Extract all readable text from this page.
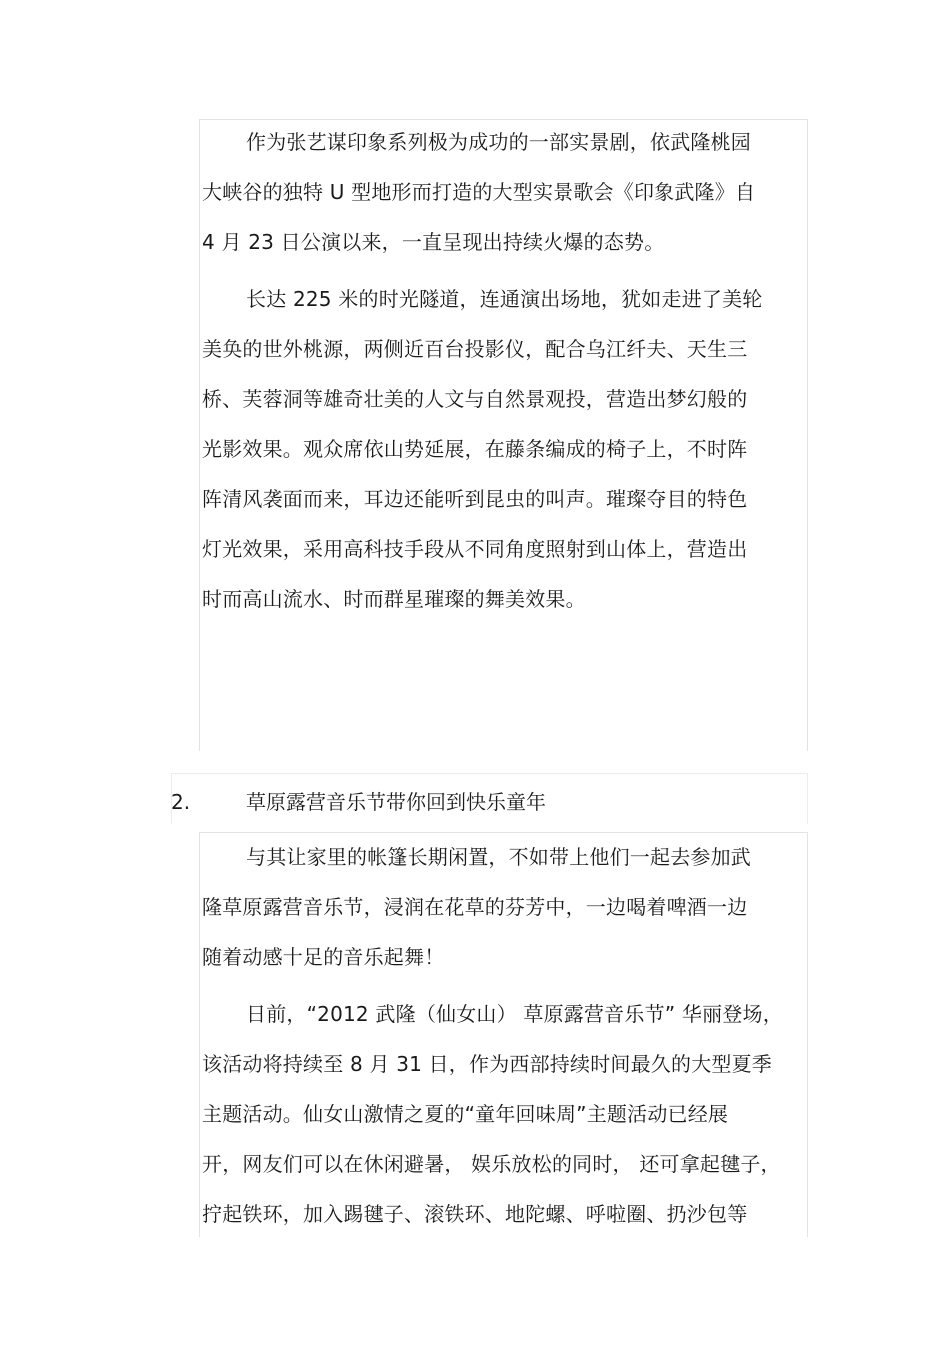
作为张艺谋印象系列极为成功的一部实景剧，依武隆桃园
大峡谷的独特 U 型地形而打造的大型实景歌会《印象武隆》自
4 月 23 日公演以来，一直呈现出持续火爆的态势。
长达 225 米的时光隧道，连通演出场地，犹如走进了美轮
美奂的世外桃源，两侧近百台投影仪，配合乌江纤夫、天生三
桥、芙蓉洞等雄奇壮美的人文与自然景观投，营造出梦幻般的
光影效果。观众席依山势延展，在藤条编成的椅子上，不时阵
阵清风袭面而来，耳边还能听到昆虫的叫声。璀璨夺目的特色
灯光效果，采用高科技手段从不同角度照射到山体上，营造出
时而高山流水、时而群星璀璨的舞美效果。
2.	草原露营音乐节带你回到快乐童年
与其让家里的帐篷长期闲置，不如带上他们一起去参加武
隆草原露营音乐节，浸润在花草的芬芳中，一边喝着啤酒一边
随着动感十足的音乐起舞！
日前，“2012 武隆（仙女山） 草原露营音乐节” 华丽登场，
该活动将持续至 8 月 31 日，作为西部持续时间最久的大型夏季
主题活动。仙女山激情之夏的“童年回味周”主题活动已经展
开，网友们可以在休闲避暑， 娱乐放松的同时， 还可拿起毽子，
拧起铁环，加入踢毽子、滚铁环、地陀螺、呼啦圈、扔沙包等
